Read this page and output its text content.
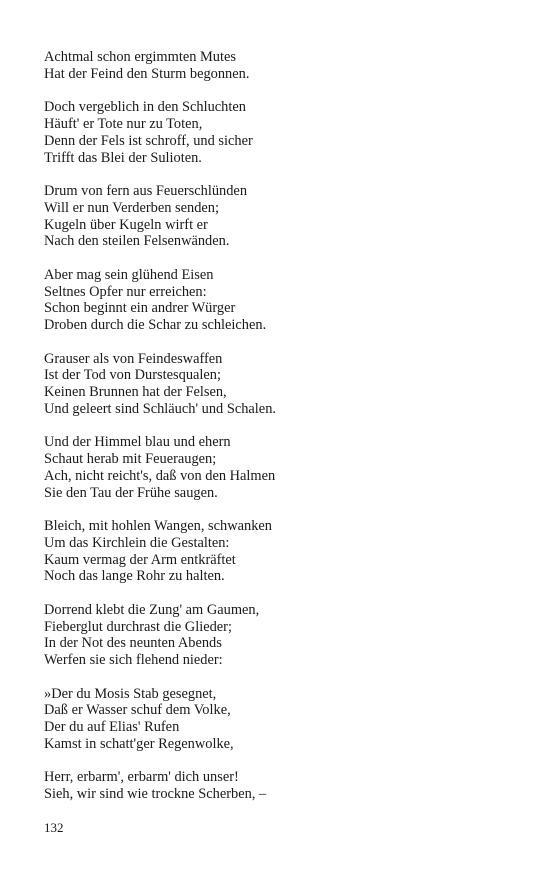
Achtmal schon ergimmten Mutes
Hat der Feind den Sturm begonnen.
Doch vergeblich in den Schluchten
Häuft' er Tote nur zu Toten,
Denn der Fels ist schroff, und sicher
Trifft das Blei der Sulioten.
Drum von fern aus Feuerschlünden
Will er nun Verderben senden;
Kugeln über Kugeln wirft er
Nach den steilen Felsenwänden.
Aber mag sein glühend Eisen
Seltnes Opfer nur erreichen:
Schon beginnt ein andrer Würger
Droben durch die Schar zu schleichen.
Grauser als von Feindeswaffen
Ist der Tod von Durstesqualen;
Keinen Brunnen hat der Felsen,
Und geleert sind Schläuch' und Schalen.
Und der Himmel blau und ehern
Schaut herab mit Feueraugen;
Ach, nicht reicht's, daß von den Halmen
Sie den Tau der Frühe saugen.
Bleich, mit hohlen Wangen, schwanken
Um das Kirchlein die Gestalten:
Kaum vermag der Arm entkräftet
Noch das lange Rohr zu halten.
Dorrend klebt die Zung' am Gaumen,
Fieberglut durchrast die Glieder;
In der Not des neunten Abends
Werfen sie sich flehend nieder:
»Der du Mosis Stab gesegnet,
Daß er Wasser schuf dem Volke,
Der du auf Elias' Rufen
Kamst in schatt'ger Regenwolke,
Herr, erbarm', erbarm' dich unser!
Sieh, wir sind wie trockne Scherben, –
132
